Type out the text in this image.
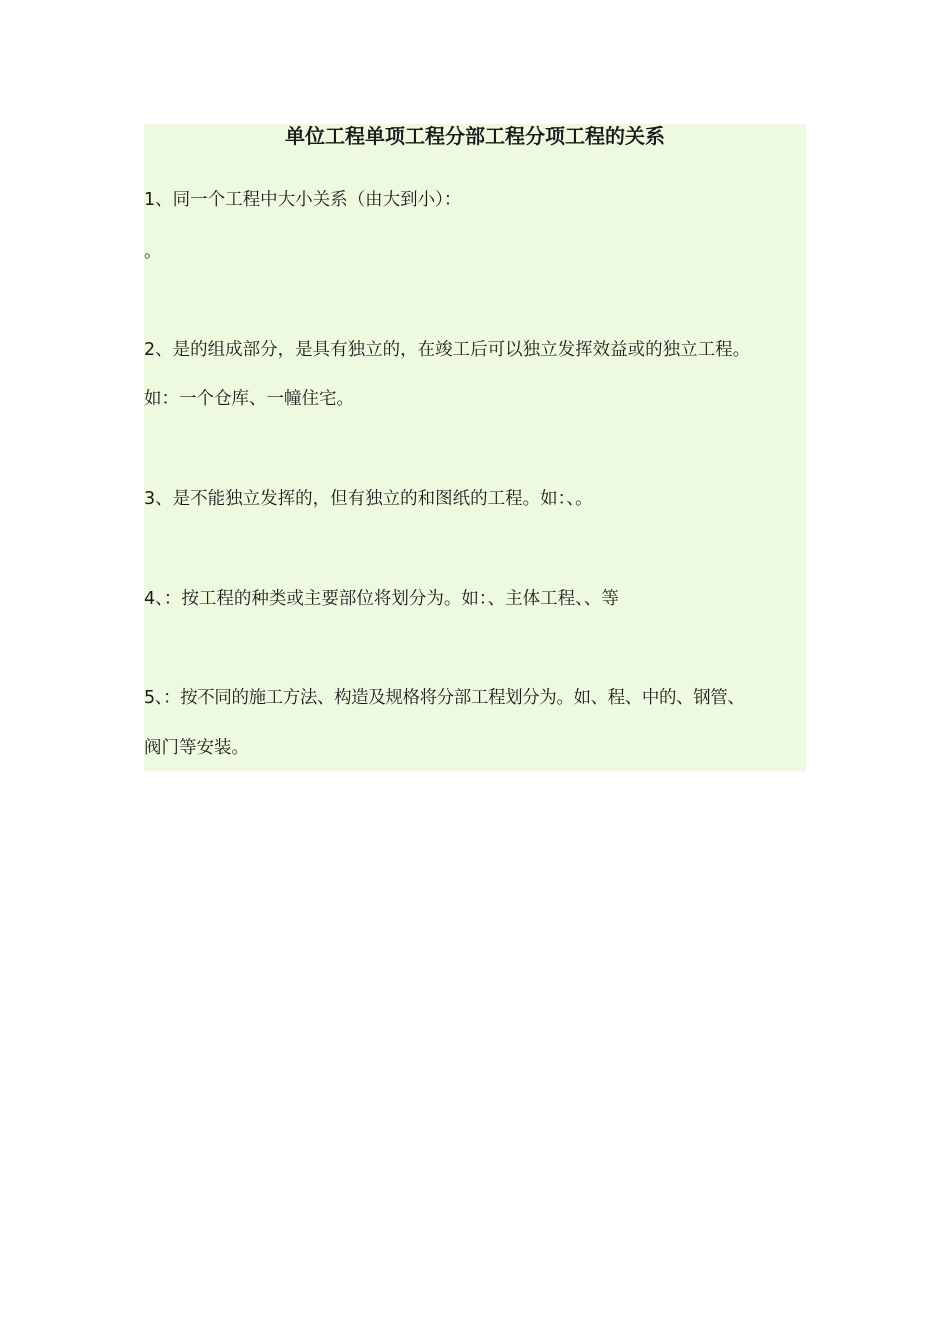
单位工程单项工程分部工程分项工程的关系
1、同一个工程中大小关系（由大到小）：
。
2、是的组成部分，是具有独立的，在竣工后可以独立发挥效益或的独立工程。
如：一个仓库、一幢住宅。
3、是不能独立发挥的，但有独立的和图纸的工程。如：、。
4、：按工程的种类或主要部位将划分为。如：、主体工程、、等
5、：按不同的施工方法、构造及规格将分部工程划分为。如、程、中的、钢管、
阀门等安装。
